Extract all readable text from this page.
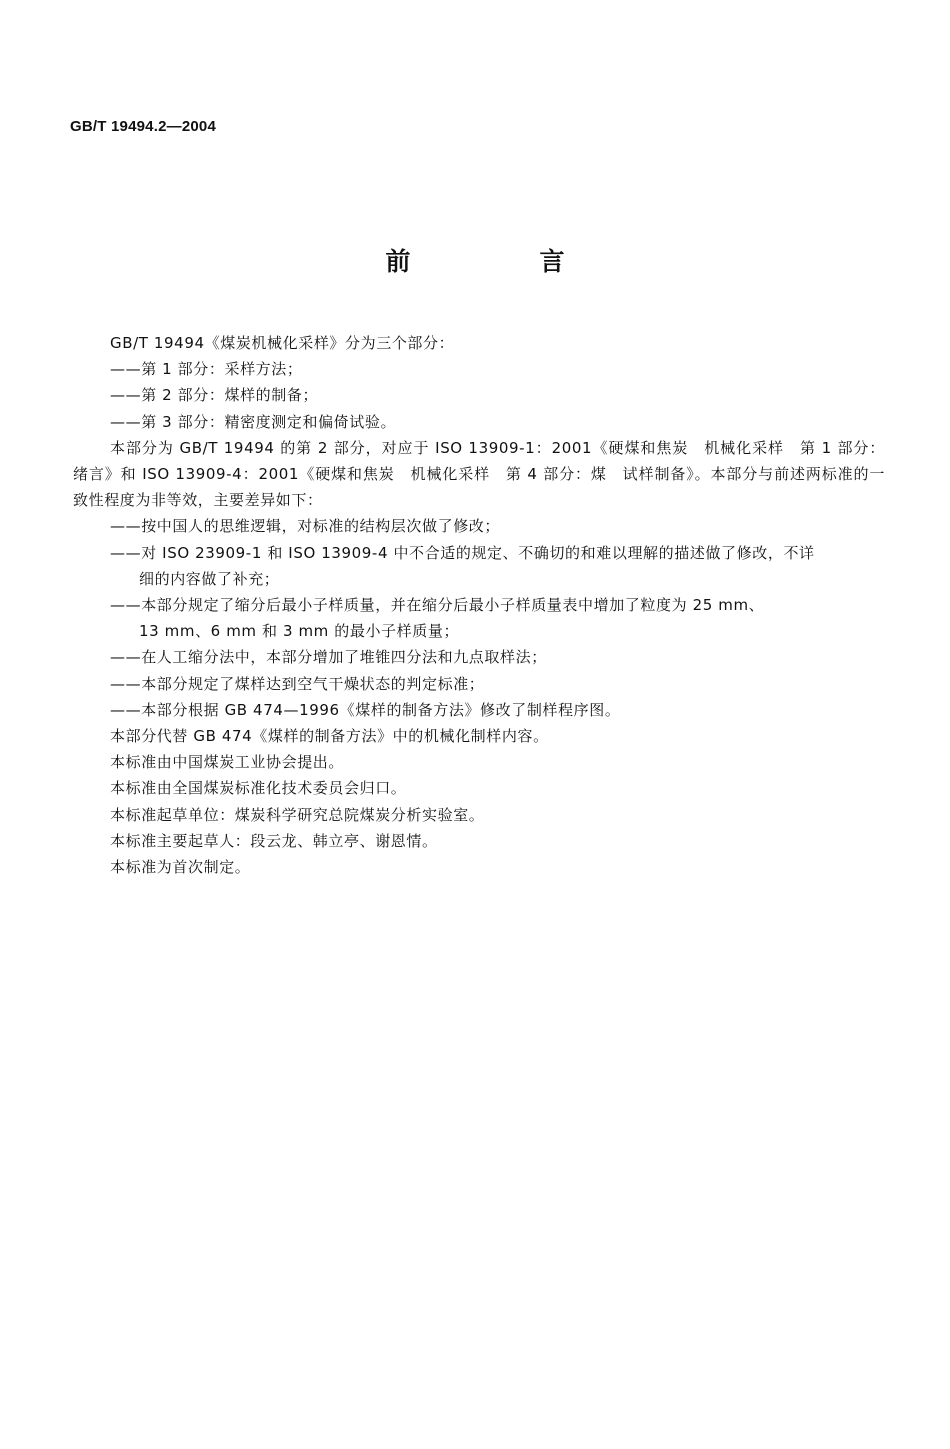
GB/T 19494.2—2004
前　言

GB/T 19494《煤炭机械化采样》分为三个部分：

——第 1 部分：采样方法；

——第 2 部分：煤样的制备；

——第 3 部分：精密度测定和偏倚试验。

本部分为 GB/T 19494 的第 2 部分，对应于 ISO 13909-1：2001《硬煤和焦炭　机械化采样　第 1 部分：绪言》和 ISO 13909-4：2001《硬煤和焦炭　机械化采样　第 4 部分：煤　试样制备》。本部分与前述两标准的一致性程度为非等效，主要差异如下：

——按中国人的思维逻辑，对标准的结构层次做了修改；

——对 ISO 23909-1 和 ISO 13909-4 中不合适的规定、不确切的和难以理解的描述做了修改，不详
细的内容做了补充；

——本部分规定了缩分后最小子样质量，并在缩分后最小子样质量表中增加了粒度为 25 mm、
13 mm、6 mm 和 3 mm 的最小子样质量；

——在人工缩分法中，本部分增加了堆锥四分法和九点取样法；

——本部分规定了煤样达到空气干燥状态的判定标准；

——本部分根据 GB 474—1996《煤样的制备方法》修改了制样程序图。

本部分代替 GB 474《煤样的制备方法》中的机械化制样内容。

本标准由中国煤炭工业协会提出。

本标准由全国煤炭标准化技术委员会归口。

本标准起草单位：煤炭科学研究总院煤炭分析实验室。

本标准主要起草人：段云龙、韩立亭、谢恩情。

本标准为首次制定。
